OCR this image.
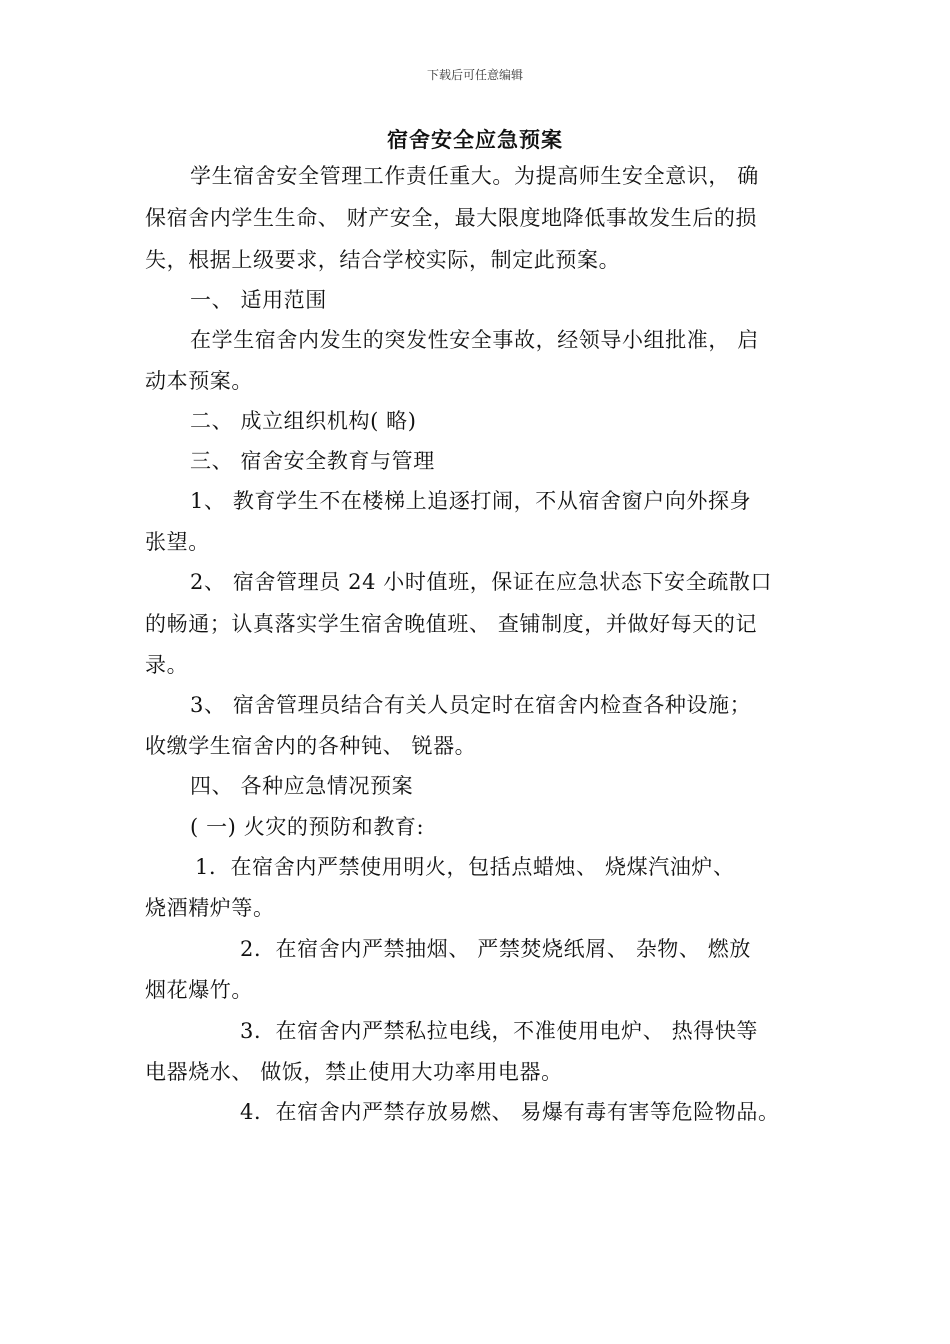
下载后可任意编辑
宿舍安全应急预案
学生宿舍安全管理工作责任重大。为提高师生安全意识， 确
保宿舍内学生生命、 财产安全，最大限度地降低事故发生后的损
失，根据上级要求，结合学校实际，制定此预案。
一、 适用范围
在学生宿舍内发生的突发性安全事故，经领导小组批准， 启
动本预案。
二、 成立组织机构( 略)
三、 宿舍安全教育与管理
1、 教育学生不在楼梯上追逐打闹，不从宿舍窗户向外探身
张望。
2、 宿舍管理员 24 小时值班，保证在应急状态下安全疏散口
的畅通；认真落实学生宿舍晚值班、 查铺制度，并做好每天的记
录。
3、 宿舍管理员结合有关人员定时在宿舍内检查各种设施；
收缴学生宿舍内的各种钝、 锐器。
四、 各种应急情况预案
( 一) 火灾的预防和教育:
1．在宿舍内严禁使用明火，包括点蜡烛、 烧煤汽油炉、
烧酒精炉等。
2．在宿舍内严禁抽烟、 严禁焚烧纸屑、 杂物、 燃放
烟花爆竹。
3．在宿舍内严禁私拉电线，不准使用电炉、 热得快等
电器烧水、 做饭，禁止使用大功率用电器。
4．在宿舍内严禁存放易燃、 易爆有毒有害等危险物品。
